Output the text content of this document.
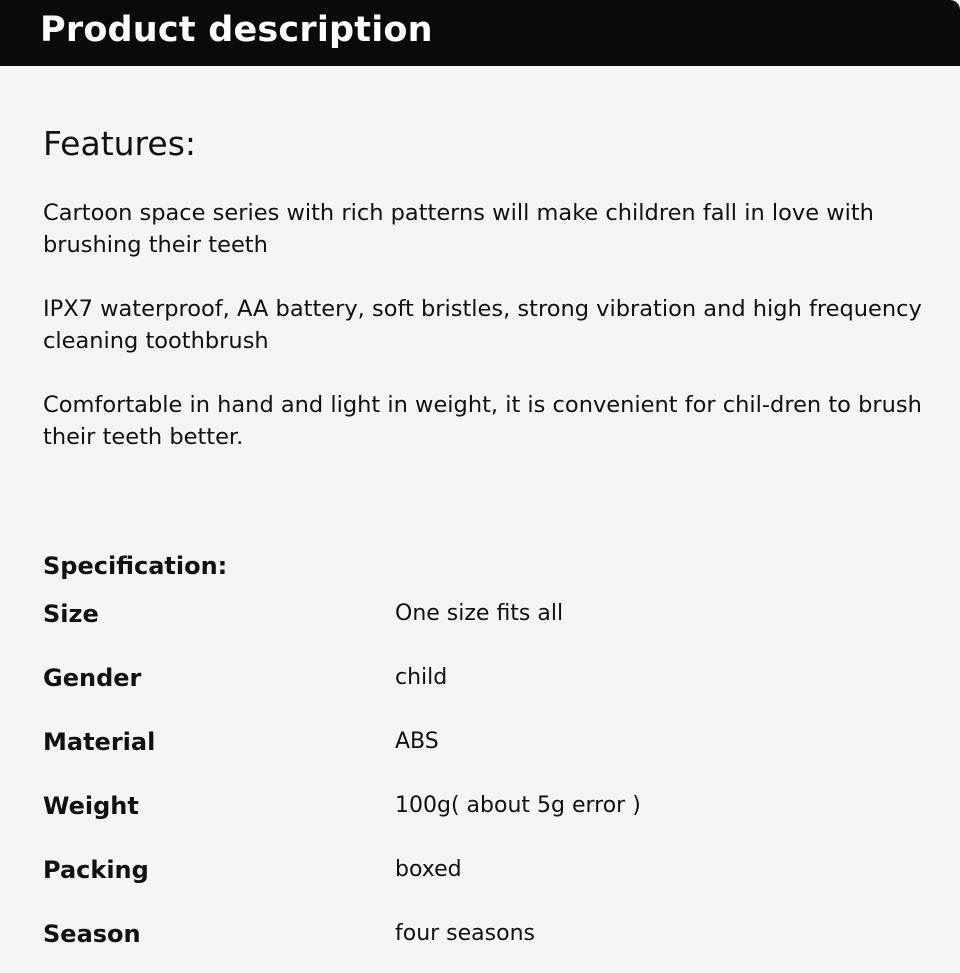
Product description
Features:
Cartoon space series with rich patterns will make children fall in love with brushing their teeth
IPX7 waterproof, AA battery, soft bristles, strong vibration and high frequency cleaning toothbrush
Comfortable in hand and light in weight, it is convenient for chil-dren to brush their teeth better.
Specification:
Size	One size fits all
Gender	child
Material	ABS
Weight	100g( about 5g error )
Packing	boxed
Season	four seasons
